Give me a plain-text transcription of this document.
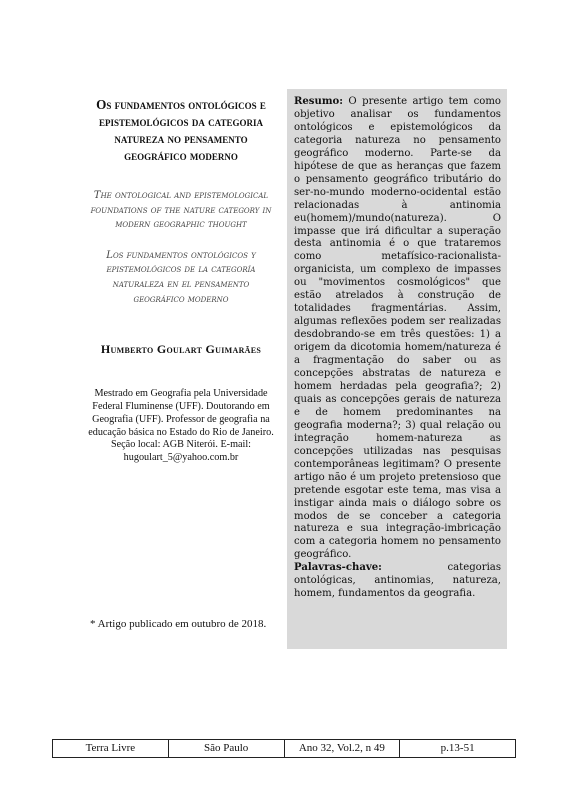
Os fundamentos ontológicos e epistemológicos da categoria natureza no pensamento geográfico moderno

The ontological and epistemological foundations of the nature category in modern geographic thought

Los fundamentos ontológicos y epistemológicos de la categoría naturaleza en el pensamento geográfico moderno

Humberto Goulart Guimarães

Mestrado em Geografia pela Universidade Federal Fluminense (UFF). Doutorando em Geografia (UFF). Professor de geografia na educação básica no Estado do Rio de Janeiro. Seção local: AGB Niterói. E-mail: hugoulart_5@yahoo.com.br

* Artigo publicado em outubro de 2018.
Resumo: O presente artigo tem como objetivo analisar os fundamentos ontológicos e epistemológicos da categoria natureza no pensamento geográfico moderno. Parte-se da hipótese de que as heranças que fazem o pensamento geográfico tributário do ser-no-mundo moderno-ocidental estão relacionadas à antinomia eu(homem)/mundo(natureza). O impasse que irá dificultar a superação desta antinomia é o que trataremos como metafísico-racionalista-organicista, um complexo de impasses ou "movimentos cosmológicos" que estão atrelados à construção de totalidades fragmentárias. Assim, algumas reflexões podem ser realizadas desdobrando-se em três questões: 1) a origem da dicotomia homem/natureza é a fragmentação do saber ou as concepções abstratas de natureza e homem herdadas pela geografia?; 2) quais as concepções gerais de natureza e de homem predominantes na geografia moderna?; 3) qual relação ou integração homem-natureza as concepções utilizadas nas pesquisas contemporâneas legitimam? O presente artigo não é um projeto pretensioso que pretende esgotar este tema, mas visa a instigar ainda mais o diálogo sobre os modos de se conceber a categoria natureza e sua integração-imbricação com a categoria homem no pensamento geográfico.
Palavras-chave: categorias ontológicas, antinomias, natureza, homem, fundamentos da geografia.
Terra Livre	São Paulo	Ano 32, Vol.2, n 49	p.13-51
